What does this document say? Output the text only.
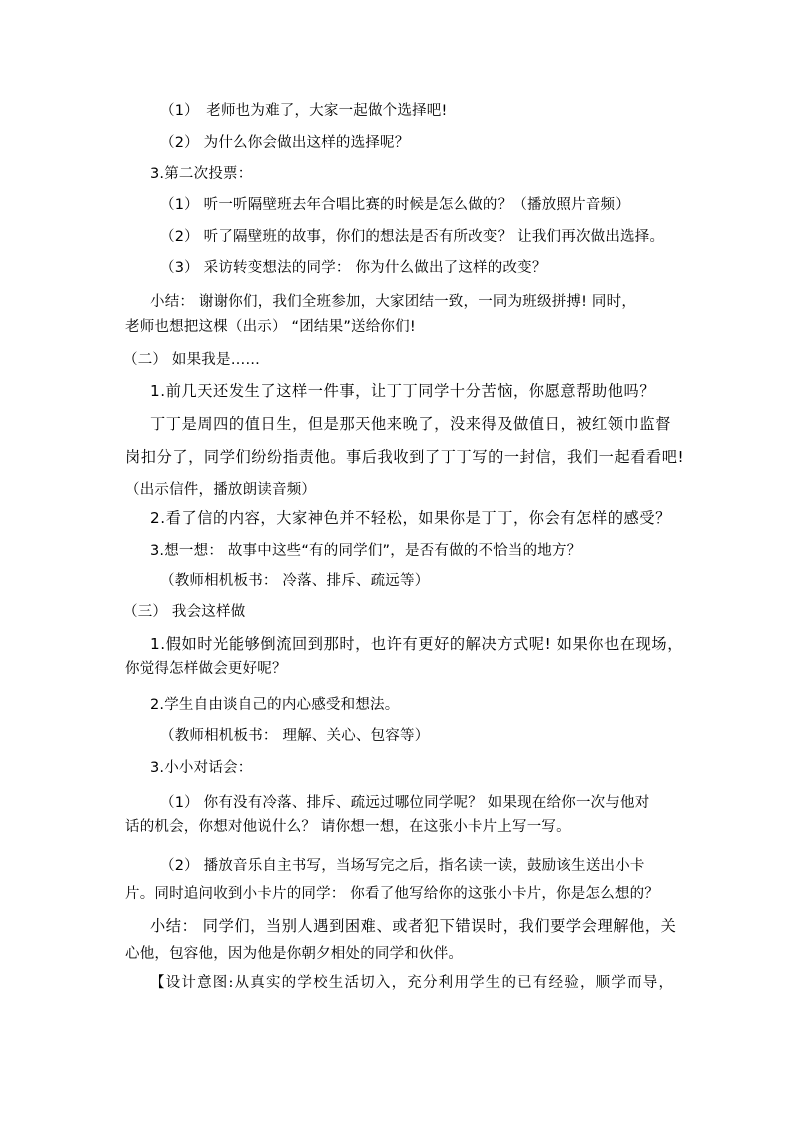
（1）　老师也为难了，大家一起做个选择吧!
（2） 为什么你会做出这样的选择呢？
3.第二次投票：
（1） 听一听隔壁班去年合唱比赛的时候是怎么做的？（播放照片音频）
（2） 听了隔壁班的故事，你们的想法是否有所改变？ 让我们再次做出选择。
（3） 采访转变想法的同学： 你为什么做出了这样的改变？
小结： 谢谢你们，我们全班参加，大家团结一致，一同为班级拼搏! 同时，
老师也想把这棵（出示） “团结果”送给你们!
（二） 如果我是……
1.前几天还发生了这样一件事，让丁丁同学十分苦恼，你愿意帮助他吗？
丁丁是周四的值日生，但是那天他来晚了，没来得及做值日，被红领巾监督
岗扣分了，同学们纷纷指责他。事后我收到了丁丁写的一封信，我们一起看看吧!
（出示信件，播放朗读音频）
2.看了信的内容，大家神色并不轻松，如果你是丁丁，你会有怎样的感受？
3.想一想： 故事中这些“有的同学们”，是否有做的不恰当的地方？
（教师相机板书： 冷落、排斥、疏远等）
（三） 我会这样做
1.假如时光能够倒流回到那时，也许有更好的解决方式呢! 如果你也在现场，
你觉得怎样做会更好呢？
2.学生自由谈自己的内心感受和想法。
（教师相机板书： 理解、关心、包容等）
3.小小对话会：
（1） 你有没有冷落、排斥、疏远过哪位同学呢？ 如果现在给你一次与他对
话的机会，你想对他说什么？ 请你想一想，在这张小卡片上写一写。
（2） 播放音乐自主书写，当场写完之后，指名读一读，鼓励该生送出小卡
片。同时追问收到小卡片的同学： 你看了他写给你的这张小卡片，你是怎么想的？
小结： 同学们，当别人遇到困难、或者犯下错误时，我们要学会理解他，关
心他，包容他，因为他是你朝夕相处的同学和伙伴。
【设计意图:从真实的学校生活切入，充分利用学生的已有经验，顺学而导，
